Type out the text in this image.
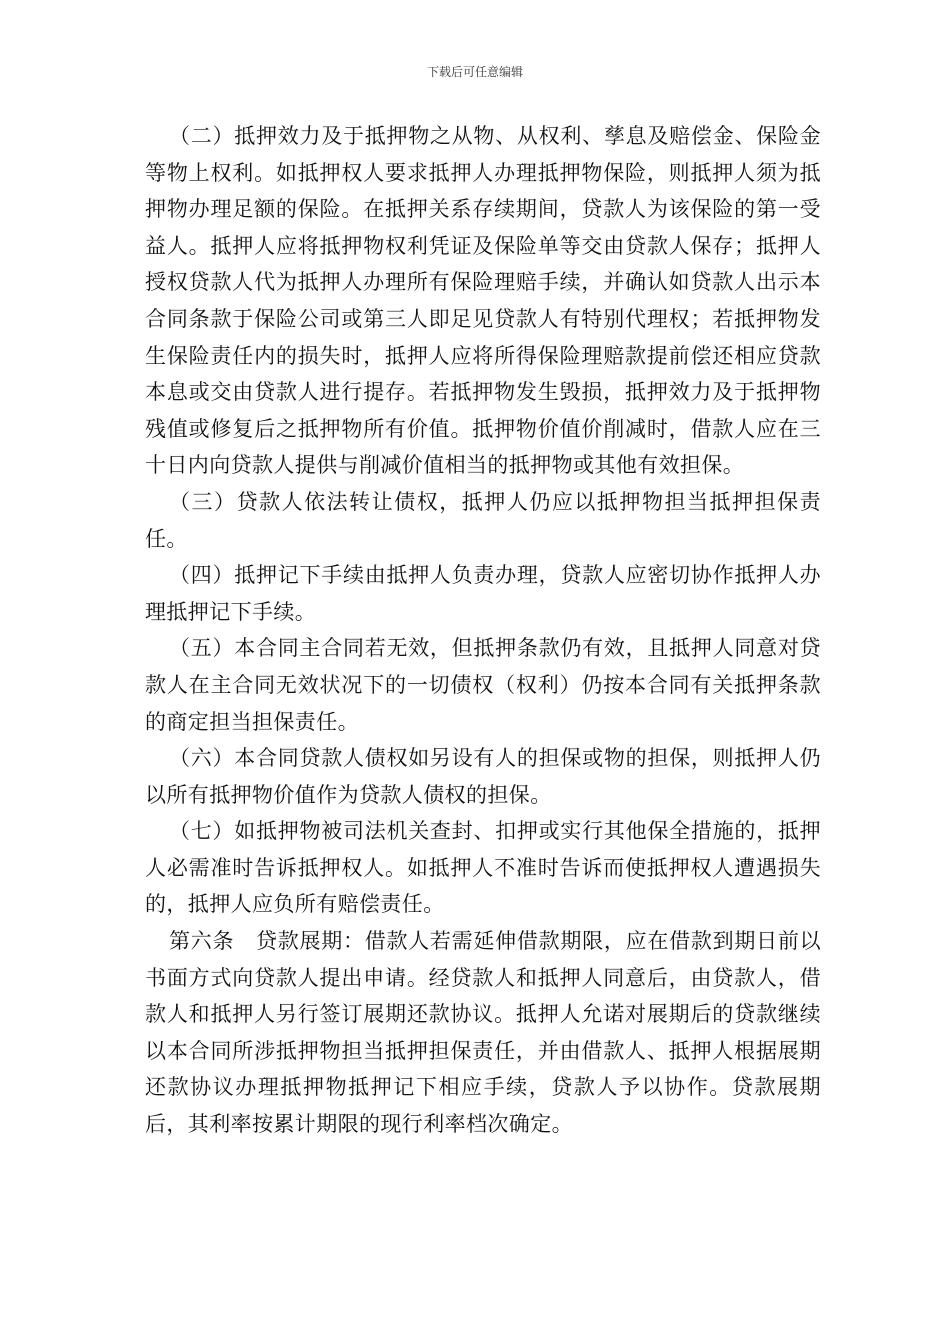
下载后可任意编辑

（二）抵押效力及于抵押物之从物、从权利、孳息及赔偿金、保险金等物上权利。如抵押权人要求抵押人办理抵押物保险，则抵押人须为抵押物办理足额的保险。在抵押关系存续期间，贷款人为该保险的第一受益人。抵押人应将抵押物权利凭证及保险单等交由贷款人保存；抵押人授权贷款人代为抵押人办理所有保险理赔手续，并确认如贷款人出示本合同条款于保险公司或第三人即足见贷款人有特别代理权；若抵押物发生保险责任内的损失时，抵押人应将所得保险理赔款提前偿还相应贷款本息或交由贷款人进行提存。若抵押物发生毁损，抵押效力及于抵押物残值或修复后之抵押物所有价值。抵押物价值价削减时，借款人应在三十日内向贷款人提供与削减价值相当的抵押物或其他有效担保。

（三）贷款人依法转让债权，抵押人仍应以抵押物担当抵押担保责任。

（四）抵押记下手续由抵押人负责办理，贷款人应密切协作抵押人办理抵押记下手续。

（五）本合同主合同若无效，但抵押条款仍有效，且抵押人同意对贷款人在主合同无效状况下的一切债权（权利）仍按本合同有关抵押条款的商定担当担保责任。

（六）本合同贷款人债权如另设有人的担保或物的担保，则抵押人仍以所有抵押物价值作为贷款人债权的担保。

（七）如抵押物被司法机关查封、扣押或实行其他保全措施的，抵押人必需准时告诉抵押权人。如抵押人不准时告诉而使抵押权人遭遇损失的，抵押人应负所有赔偿责任。

第六条　贷款展期：借款人若需延伸借款期限，应在借款到期日前以书面方式向贷款人提出申请。经贷款人和抵押人同意后，由贷款人，借款人和抵押人另行签订展期还款协议。抵押人允诺对展期后的贷款继续以本合同所涉抵押物担当抵押担保责任，并由借款人、抵押人根据展期还款协议办理抵押物抵押记下相应手续，贷款人予以协作。贷款展期后，其利率按累计期限的现行利率档次确定。
